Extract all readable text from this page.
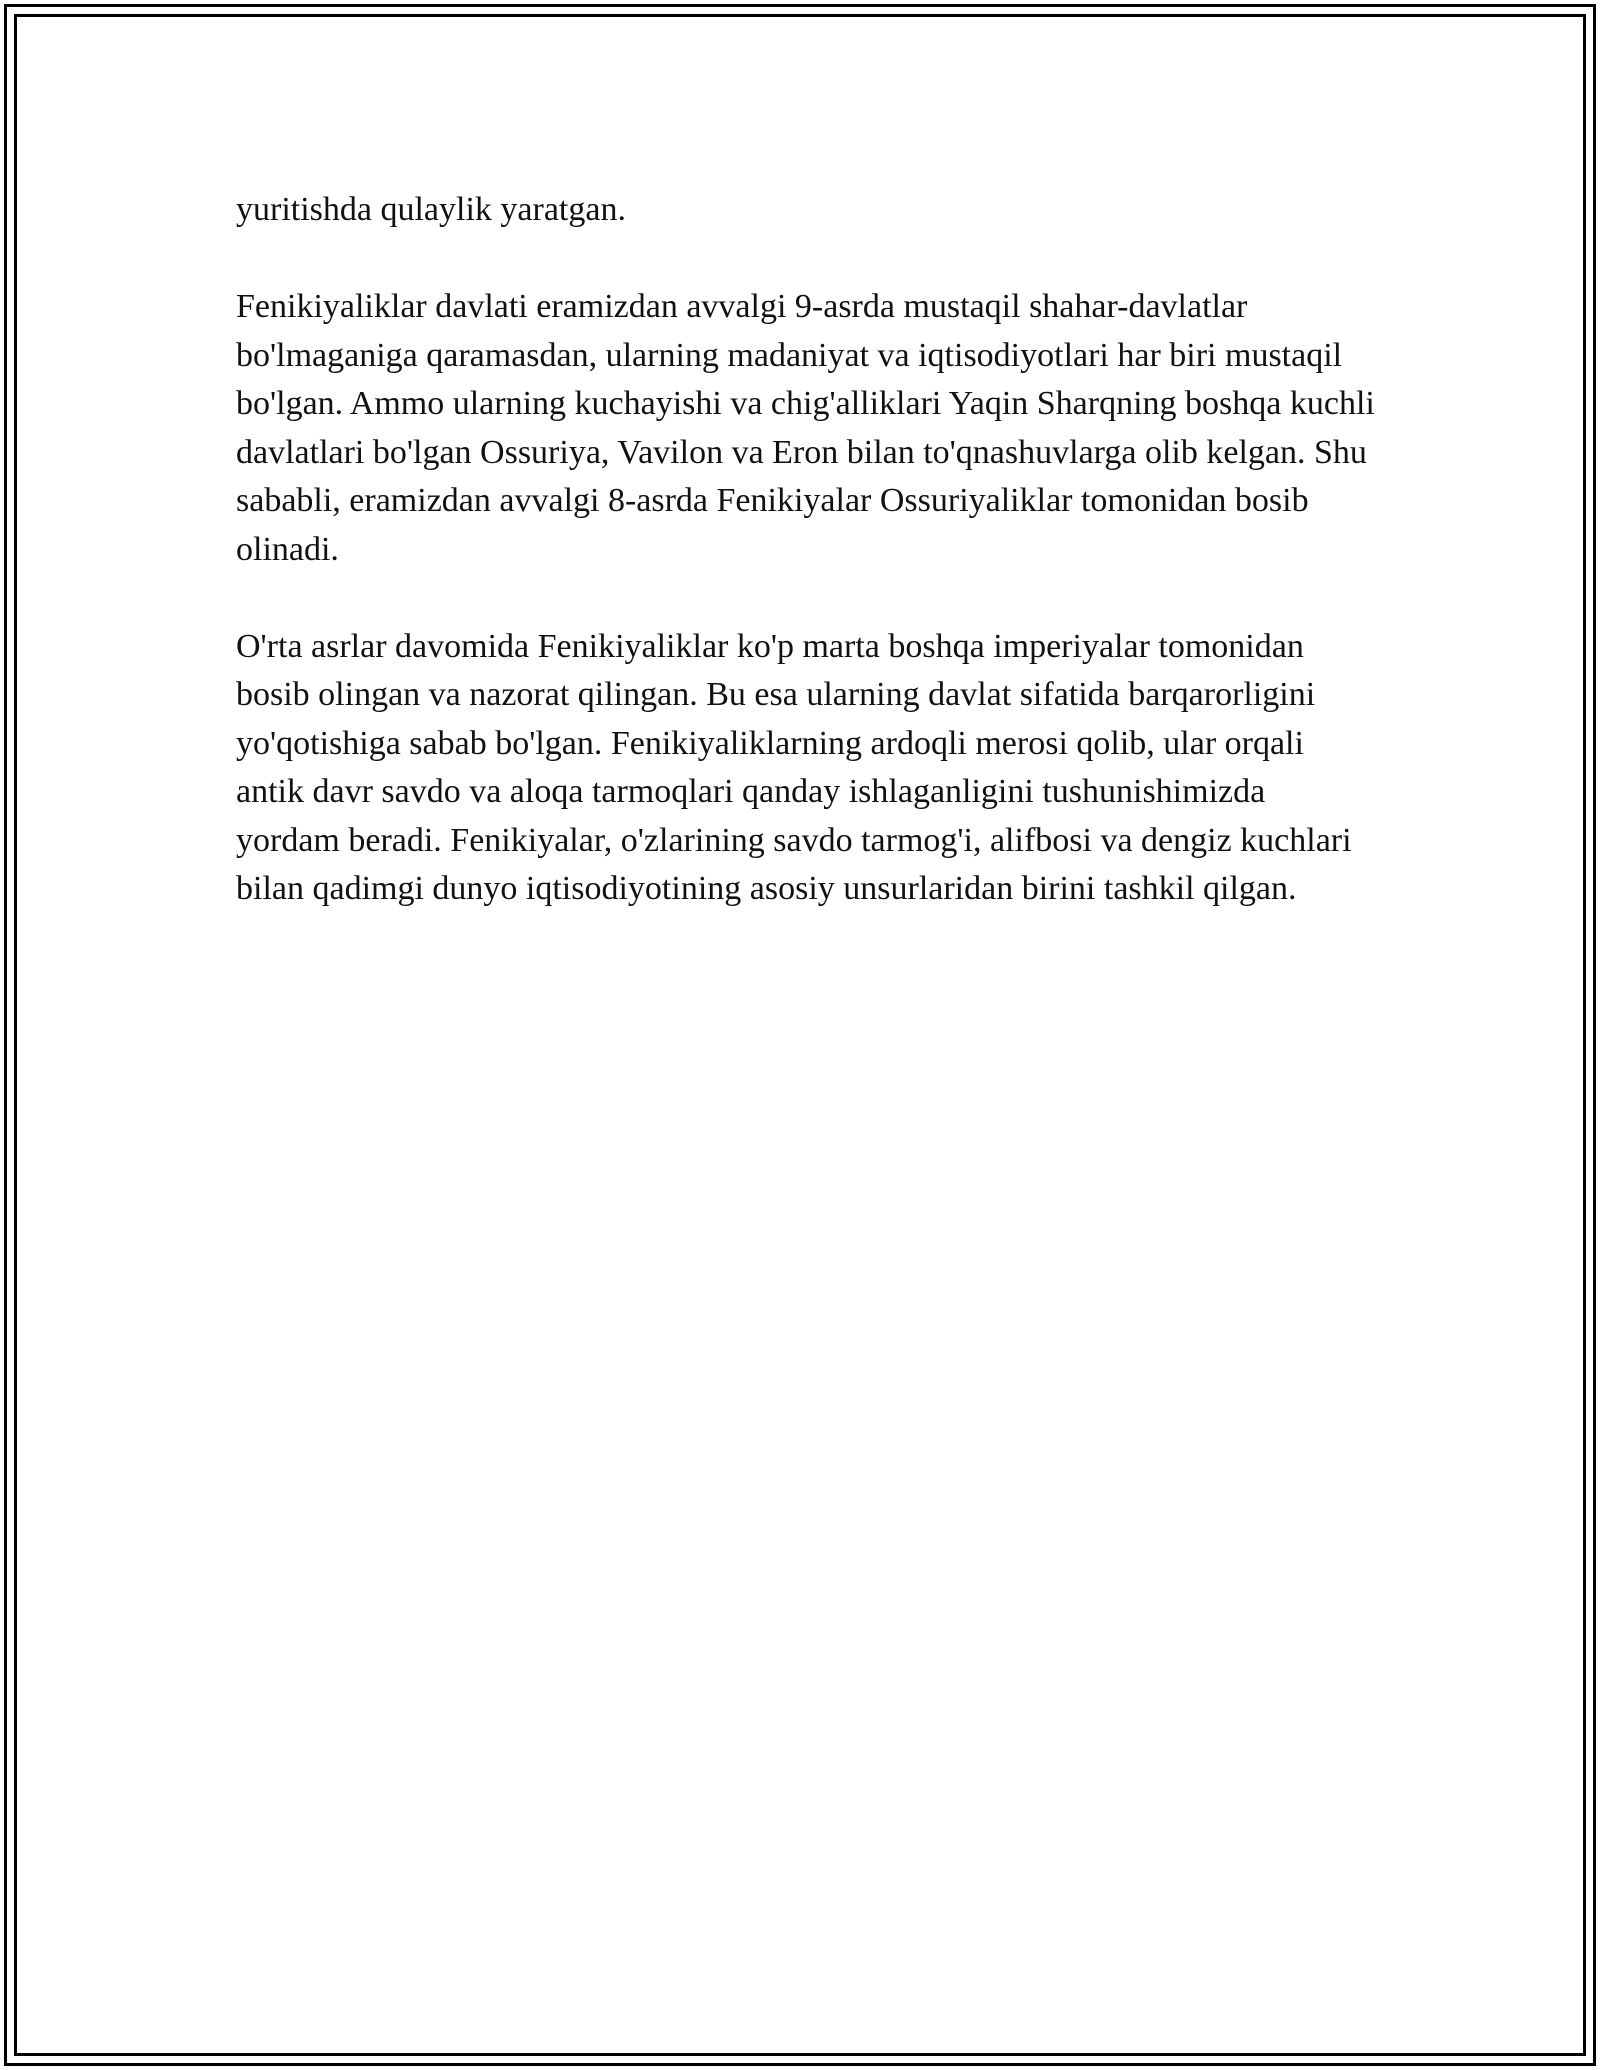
yuritishda qulaylik yaratgan.

Fenikiyaliklar davlati eramizdan avvalgi 9-asrda mustaqil shahar-davlatlar bo'lmaganiga qaramasdan, ularning madaniyat va iqtisodiyotlari har biri mustaqil bo'lgan. Ammo ularning kuchayishi va chig'alliklari Yaqin Sharqning boshqa kuchli davlatlari bo'lgan Ossuriya, Vavilon va Eron bilan to'qnashuvlarga olib kelgan. Shu sababli, eramizdan avvalgi 8-asrda Fenikiyalar Ossuriyaliklar tomonidan bosib olinadi.

O'rta asrlar davomida Fenikiyaliklar ko'p marta boshqa imperiyalar tomonidan bosib olingan va nazorat qilingan. Bu esa ularning davlat sifatida barqarorligini yo'qotishiga sabab bo'lgan. Fenikiyaliklarning ardoqli merosi qolib, ular orqali antik davr savdo va aloqa tarmoqlari qanday ishlaganligini tushunishimizda yordam beradi. Fenikiyalar, o'zlarining savdo tarmog'i, alifbosi va dengiz kuchlari bilan qadimgi dunyo iqtisodiyotining asosiy unsurlaridan birini tashkil qilgan.
